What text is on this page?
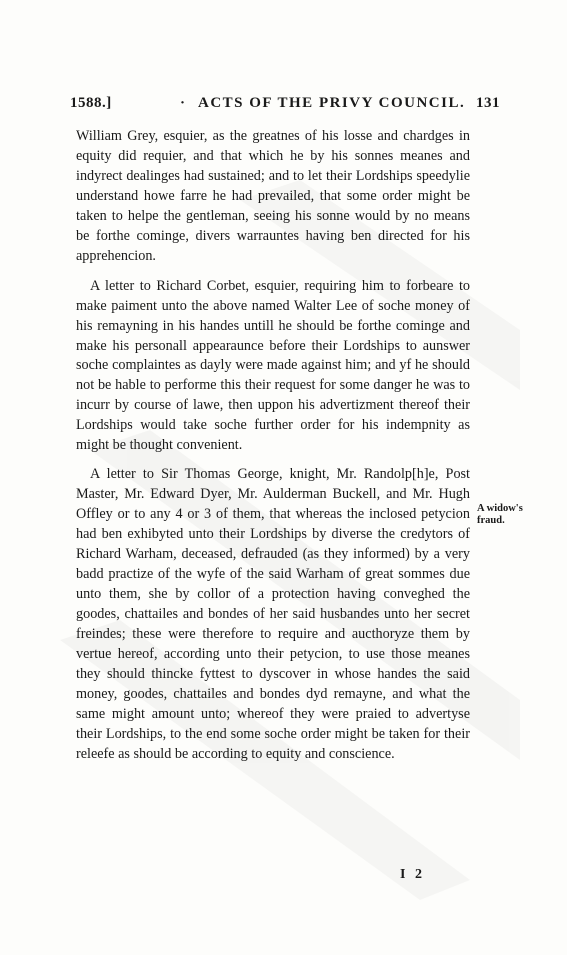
1588.]	· ACTS OF THE PRIVY COUNCIL. 131

William Grey, esquier, as the greatnes of his losse and chardges in equity did requier, and that which he by his sonnes meanes and indyrect dealinges had sustained; and to let their Lordships speedylie understand howe farre he had prevailed, that some order might be taken to helpe the gentleman, seeing his sonne would by no means be forthe cominge, divers warrauntes having ben directed for his apprehencion.

A letter to Richard Corbet, esquier, requiring him to forbeare to make paiment unto the above named Walter Lee of soche money of his remayning in his handes untill he should be forthe cominge and make his personall appearaunce before their Lordships to aunswer soche complaintes as dayly were made against him; and yf he should not be hable to performe this their request for some danger he was to incurr by course of lawe, then uppon his advertizment thereof their Lordships would take soche further order for his indempnity as might be thought convenient.

A letter to Sir Thomas George, knight, Mr. Randolp[h]e, Post Master, Mr. Edward Dyer, Mr. Aulderman Buckell, and Mr. Hugh Offley or to any 4 or 3 of them, that whereas the inclosed petycion had ben exhibyted unto their Lordships by diverse the credytors of Richard Warham, deceased, defrauded (as they informed) by a very badd practize of the wyfe of the said Warham of great sommes due unto them, she by collor of a protection having conveghed the goodes, chattailes and bondes of her said husbandes unto her secret freindes; these were therefore to require and aucthoryze them by vertue hereof, according unto their petycion, to use those meanes they should thincke fyttest to dyscover in whose handes the said money, goodes, chattailes and bondes dyd remayne, and what the same might amount unto; whereof they were praied to advertyse their Lordships, to the end some soche order might be taken for their releefe as should be according to equity and conscience.

A widow's fraud.
I 2
